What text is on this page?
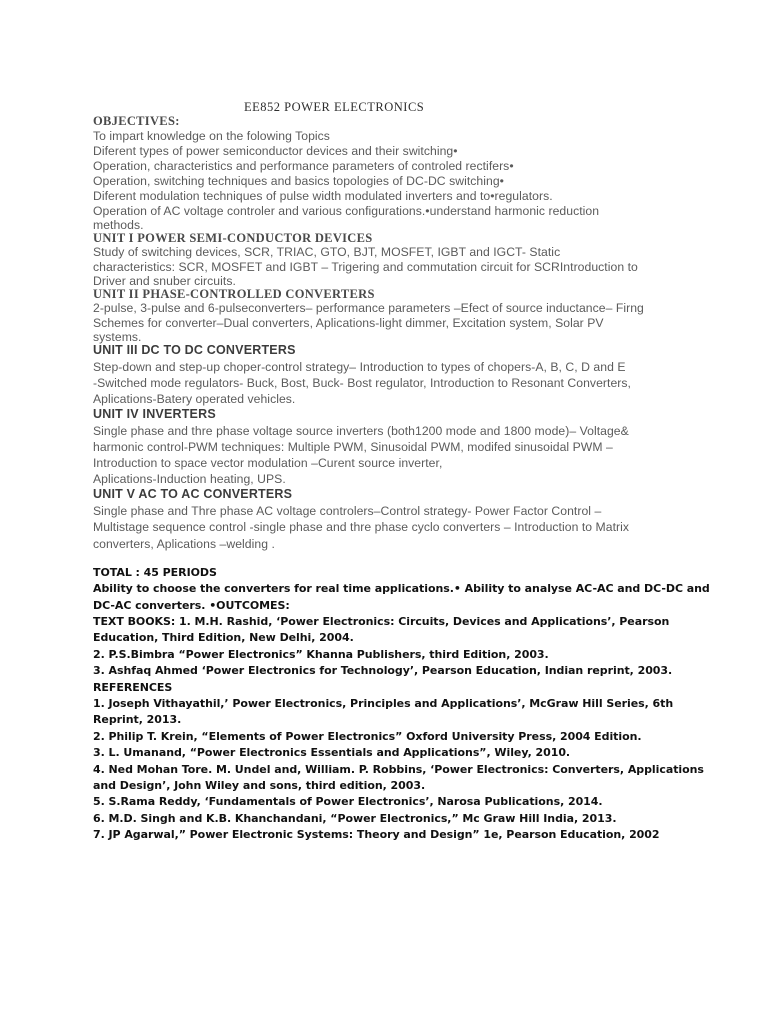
EE852 POWER ELECTRONICS
OBJECTIVES:
To impart knowledge on the folowing Topics
Diferent types of power semiconductor devices and their switching•
Operation, characteristics and performance parameters of controled rectifers•
Operation, switching techniques and basics topologies of DC-DC switching•
Diferent modulation techniques of pulse width modulated inverters and to•regulators.
Operation of AC voltage controler and various configurations.•understand harmonic reduction
methods.
UNIT I POWER SEMI-CONDUCTOR DEVICES
Study of switching devices, SCR, TRIAC, GTO, BJT, MOSFET, IGBT and IGCT- Static
characteristics: SCR, MOSFET and IGBT – Trigering and commutation circuit for SCRIntroduction to
Driver and snuber circuits.
UNIT II PHASE-CONTROLLED CONVERTERS
2-pulse, 3-pulse and 6-pulseconverters– performance parameters –Efect of source inductance– Firng
Schemes for converter–Dual converters, Aplications-light dimmer, Excitation system, Solar PV
systems.
UNIT III DC TO DC CONVERTERS
Step-down and step-up choper-control strategy– Introduction to types of chopers-A, B, C, D and E
-Switched mode regulators- Buck, Bost, Buck- Bost regulator, Introduction to Resonant Converters,
Aplications-Batery operated vehicles.
UNIT IV INVERTERS
Single phase and thre phase voltage source inverters (both1200 mode and 1800 mode)– Voltage&
harmonic control-PWM techniques: Multiple PWM, Sinusoidal PWM, modifed sinusoidal PWM –
Introduction to space vector modulation –Curent source inverter,
Aplications-Induction heating, UPS.
UNIT V AC TO AC CONVERTERS
Single phase and Thre phase AC voltage controlers–Control strategy- Power Factor Control –
Multistage sequence control -single phase and thre phase cyclo converters – Introduction to Matrix
converters, Aplications –welding .
TOTAL : 45 PERIODS
Ability to choose the converters for real time applications.• Ability to analyse AC-AC and DC-DC and
DC-AC converters. •OUTCOMES:
TEXT BOOKS: 1. M.H. Rashid, ‘Power Electronics: Circuits, Devices and Applications’, Pearson
Education, Third Edition, New Delhi, 2004.
2. P.S.Bimbra “Power Electronics” Khanna Publishers, third Edition, 2003.
3. Ashfaq Ahmed ‘Power Electronics for Technology’, Pearson Education, Indian reprint, 2003.
REFERENCES
1. Joseph Vithayathil,’ Power Electronics, Principles and Applications’, McGraw Hill Series, 6th
Reprint, 2013.
2. Philip T. Krein, “Elements of Power Electronics” Oxford University Press, 2004 Edition.
3. L. Umanand, “Power Electronics Essentials and Applications”, Wiley, 2010.
4. Ned Mohan Tore. M. Undel and, William. P. Robbins, ‘Power Electronics: Converters, Applications
and Design’, John Wiley and sons, third edition, 2003.
5. S.Rama Reddy, ‘Fundamentals of Power Electronics’, Narosa Publications, 2014.
6. M.D. Singh and K.B. Khanchandani, “Power Electronics,” Mc Graw Hill India, 2013.
7. JP Agarwal,” Power Electronic Systems: Theory and Design” 1e, Pearson Education, 2002
